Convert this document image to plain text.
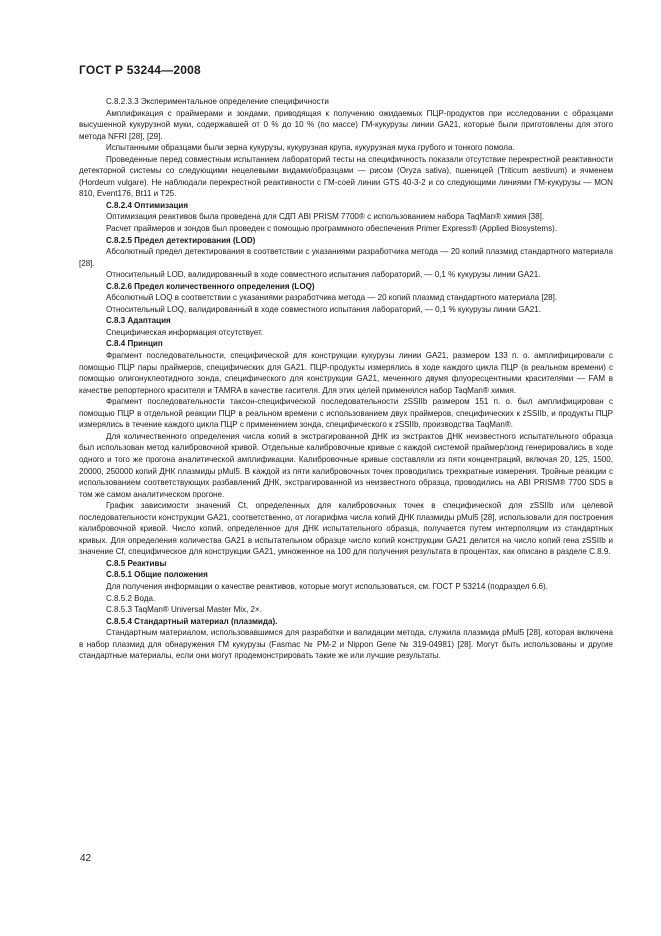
ГОСТ Р 53244—2008

С.8.2.3.3 Экспериментальное определение специфичности

Амплификация с праймерами и зондами, приводящая к получению ожидаемых ПЦР-продуктов при исследовании с образцами высушенной кукурузной муки, содержавшей от 0 % до 10 % (по массе) ГМ-кукурузы линии GA21, которые были приготовлены для этого метода NFRI [28], [29].

Испытанными образцами были зерна кукурузы, кукурузная крупа, кукурузная мука грубого и тонкого помола.

Проведенные перед совместным испытанием лабораторий тесты на специфичность показали отсутствие перекрестной реактивности детекторной системы со следующими нецелевыми видами/образцами — рисом (Oryza sativa), пшеницей (Triticum aestivum) и ячменем (Hordeum vulgare). Не наблюдали перекрестной реактивности с ГМ-соей линии GTS 40-3-2 и со следующими линиями ГМ-кукурузы — MON 810, Event176, Bt11 и T25.

С.8.2.4 Оптимизация

Оптимизация реактивов была проведена для СДП ABI PRISM 7700® с использованием набора TaqMan® химия [38].

Расчет праймеров и зондов был проведен с помощью программного обеспечения Primer Express® (Applied Biosystems).

С.8.2.5 Предел детектирования (LOD)

Абсолютный предел детектирования в соответствии с указаниями разработчика метода — 20 копий плазмид стандартного материала [28].

Относительный LOD, валидированный в ходе совместного испытания лабораторий, — 0,1 % кукурузы линии GA21.

С.8.2.6 Предел количественного определения (LOQ)

Абсолютный LOQ в соответствии с указаниями разработчика метода — 20 копий плазмид стандартного материала [28].

Относительный LOQ, валидированный в ходе совместного испытания лабораторий, — 0,1 % кукурузы линии GA21.

С.8.3 Адаптация

Специфическая информация отсутствует.

С.8.4 Принцип

Фрагмент последовательности, специфической для конструкции кукурузы линии GA21, размером 133 п. о. амплифицировали с помощью ПЦР пары праймеров, специфических для GA21. ПЦР-продукты измерялись в ходе каждого цикла ПЦР (в реальном времени) с помощью олигонуклеотидного зонда, специфического для конструкции GA21, меченного двумя флуоресцентными красителями — FAM в качестве репортерного красителя и TAMRA в качестве гасителя. Для этих целей применялся набор TaqMan® химия.

Фрагмент последовательности таксон-специфической последовательности zSSIIb размером 151 п. о. был амплифицирован с помощью ПЦР в отдельной реакции ПЦР в реальном времени с использованием двух праймеров, специфических к zSSIIb, и продукты ПЦР измерялись в течение каждого цикла ПЦР с применением зонда, специфического к zSSIIb, производства TaqMan®.

Для количественного определения числа копий в экстрагированной ДНК из экстрактов ДНК неизвестного испытательного образца был использован метод калибровочной кривой. Отдельные калибровочные кривые с каждой системой праймер/зонд генерировались в ходе одного и того же прогона аналитической амплификации. Калибровочные кривые составляли из пяти концентраций, включая 20, 125, 1500, 20000, 250000 копий ДНК плазмиды pMul5. В каждой из пяти калибровочных точек проводились трехкратные измерения. Тройные реакции с использованием соответствующих разбавлений ДНК, экстрагированной из неизвестного образца, проводились на ABI PRISM® 7700 SDS в том же самом аналитическом прогоне.

График зависимости значений Ct, определенных для калибровочных точек в специфической для zSSIIb или целевой последовательности конструкции GA21, соответственно, от логарифма числа копий ДНК плазмиды pMul5 [28], использовали для построения калибровочной кривой. Число копий, определенное для ДНК испытательного образца, получается путем интерполяции из стандартных кривых. Для определения количества GA21 в испытательном образце число копий конструкции GA21 делится на число копий гена zSSIIb и значение Cf, специфическое для конструкции GA21, умноженное на 100 для получения результата в процентах, как описано в разделе С.8.9.

С.8.5 Реактивы

С.8.5.1 Общие положения

Для получения информации о качестве реактивов, которые могут использоваться, см. ГОСТ Р 53214 (подраздел 6.6).

С.8.5.2 Вода.

С.8.5.3 TaqMan® Universal Master Mix, 2×.

С.8.5.4 Стандартный материал (плазмида).

Стандартным материалом, использовавшимся для разработки и валидации метода, служила плазмида pMul5 [28], которая включена в набор плазмид для обнаружения ГМ кукурузы (Fasmac № PM-2 и Nippon Gene № 319-04981) [28]. Могут быть использованы и другие стандартные материалы, если они могут продемонстрировать такие же или лучшие результаты.

42
